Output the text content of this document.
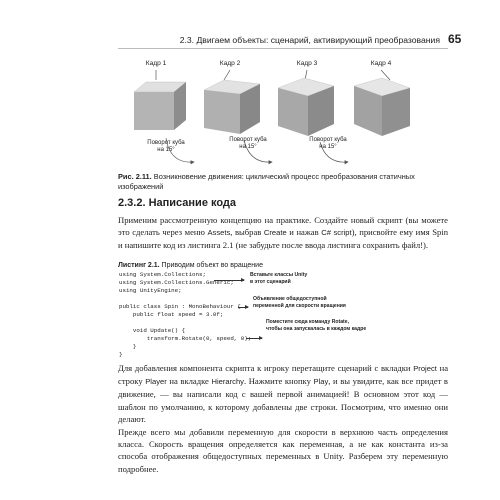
2.3. Двигаем объекты: сценарий, активирующий преобразования 65
Кадр 1	Кадр 2	Кадр 3	Кадр 4
Поворот куба
на 15°
Поворот куба
на 15°
Поворот куба
на 15°
Рис. 2.11. Возникновение движения: циклический процесс преобразования статичных изображений
2.3.2. Написание кода
Применим рассмотренную концепцию на практике. Создайте новый скрипт (вы можете это сделать через меню Assets, выбрав Create и нажав C# script), присвойте ему имя Spin и напишите код из листинга 2.1 (не забудьте после ввода листинга сохранить файл!).
Листинг 2.1. Приводим объект во вращение
using System.Collections;
using System.Collections.Generic;
using UnityEngine;
public class Spin : MonoBehaviour {
public float speed = 3.0f;
void Update() {
transform.Rotate(0, speed, 0);
}
}
Вставьте классы Unity
в этот сценарий
Объявление общедоступной
переменной для скорости вращения
Поместите сюда команду Rotate,
чтобы она запускалась в каждом кадре
Для добавления компонента скрипта к игроку перетащите сценарий с вкладки Project на строку Player на вкладке Hierarchy. Нажмите кнопку Play, и вы увидите, как все придет в движение, — вы написали код с вашей первой анимацией! В основном этот код — шаблон по умолчанию, к которому добавлены две строки. Посмотрим, что именно они делают.
Прежде всего мы добавили переменную для скорости в верхнюю часть определения класса. Скорость вращения определяется как переменная, а не как константа из-за способа отображения общедоступных переменных в Unity. Разберем эту переменную подробнее.
